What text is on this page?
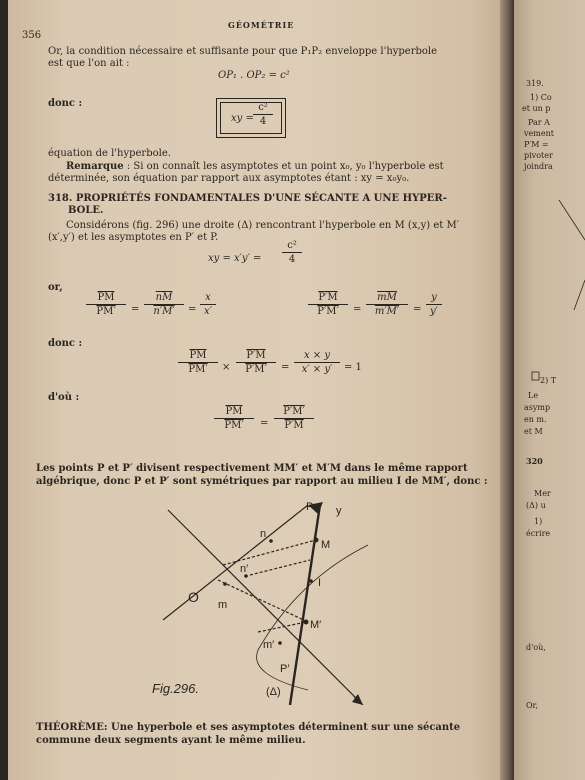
356
GÉOMÉTRIE
Or, la condition nécessaire et suffisante pour que P₁P₂ enveloppe l'hyperbole
est que l'on ait :
OP₁ . OP₂ = c²
donc :
xy = $\frac{\text{c²}}{4}$
équation de l'hyperbole.
Remarque : Si on connaît les asymptotes et un point x₀, y₀ l'hyperbole est
déterminée, son équation par rapport aux asymptotes étant : xy = x₀y₀.
318. PROPRIÉTÉS FONDAMENTALES D'UNE SÉCANTE A UNE HYPER-
BOLE.
Considérons (fig. 296) une droite (Δ) rencontrant l'hyperbole en M (x,y) et M′
(x′,y′) et les asymptotes en P′ et P.
xy = $x'y' = \frac{\text{c²}}{4}$
or,
$\frac{\overline{PM}}{PM'} = \frac{\overline{nM}}{n'M'} = \frac{x}{x'}$	$\frac{P'M}{P'M'} = \frac{\overline{mM}}{m'M'} = \frac{y}{y'}$
donc :
$\frac{\overline{PM}}{PM'} \times \frac{P'M}{P'M'} = \frac{x \times y}{x' \times y'} = 1$
d'où :
$\frac{\overline{PM}}{PM'} = \frac{P'M'}{P'M}$
Les points P et P′ divisent respectivement MM′ et M′M dans le même rapport
algébrique, donc P et P′ sont symétriques par rapport au milieu I de MM′, donc :
P y
n
M
n′
I
O m
M′
m′
P′
(Δ)
x
Fig.296.
THÉORÈME: Une hyperbole et ses asymptotes déterminent sur une sécante
commune deux segments ayant le même milieu.
319.
1) Co
et un p
Par A
vement
P′M =
pivoter
joindra
2) T
Le
asymp
en m.
et M
320
Mer
(Δ) u
1)
écrire
d'où,
Or,
